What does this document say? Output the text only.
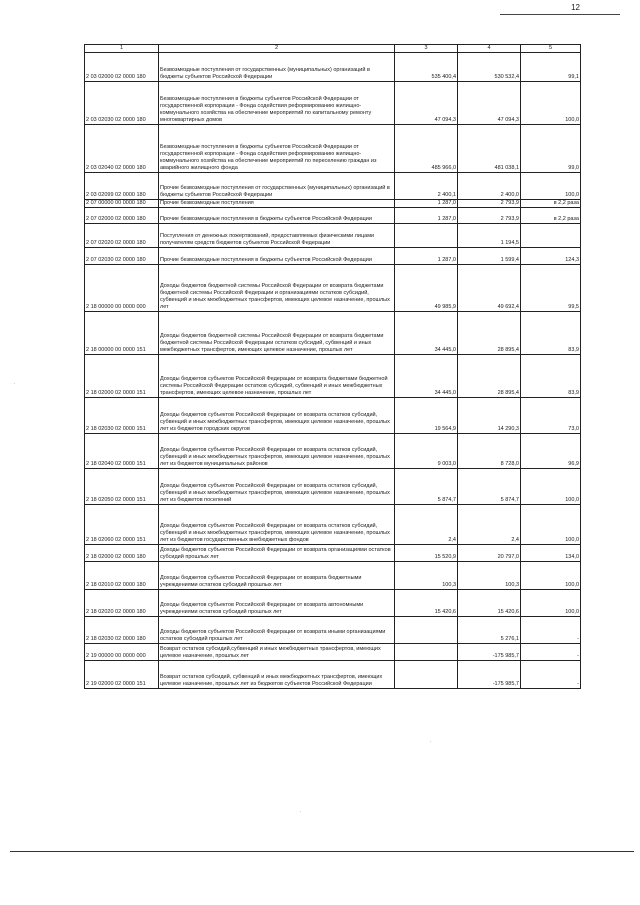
12
1	2	3	4	5
2 03 02000 02 0000 180	Безвозмездные поступления от государственных (муниципальных) организаций в бюджеты субъектов Российской Федерации	535 400,4	530 532,4	99,1
2 03 02030 02 0000 180	Безвозмездные поступления в бюджеты субъектов Российской Федерации от государственной корпорации - Фонда содействия реформированию жилищно-коммунального хозяйства на обеспечение мероприятий по капитальному ремонту многоквартирных домов	47 094,3	47 094,3	100,0
2 03 02040 02 0000 180	Безвозмездные поступления в бюджеты субъектов Российской Федерации от государственной корпорации - Фонда содействия реформированию жилищно-коммунального хозяйства на обеспечение мероприятий по переселению граждан из аварийного жилищного фонда	485 966,0	481 038,1	99,0
2 03 02099 02 0000 180	Прочие безвозмездные поступления от государственных (муниципальных) организаций в бюджеты субъектов Российской Федерации	2 400,1	2 400,0	100,0
2 07 00000 00 0000 180	Прочие безвозмездные поступления	1 287,0	2 793,9	в 2,2 раза
2 07 02000 02 0000 180	Прочие безвозмездные поступления в бюджеты субъектов Российской Федерации	1 287,0	2 793,9	в 2,2 раза
2 07 02020 02 0000 180	Поступления от денежных пожертвований, предоставляемых физическими лицами получателям средств бюджетов субъектов Российской Федерации		1 194,5	
2 07 02030 02 0000 180	Прочие безвозмездные поступления в бюджеты субъектов Российской Федерации	1 287,0	1 599,4	124,3
2 18 00000 00 0000 000	Доходы бюджетов бюджетной системы Российской Федерации от возврата бюджетами бюджетной системы Российской Федерации и организациями остатков субсидий, субвенций и иных межбюджетных трансфертов, имеющих целевое назначение, прошлых лет	49 985,9	49 692,4	99,5
2 18 00000 00 0000 151	Доходы бюджетов бюджетной системы Российской Федерации от возврата бюджетами бюджетной системы Российской Федерации остатков субсидий, субвенций и иных межбюджетных трансфертов, имеющих целевое назначение, прошлых лет	34 445,0	28 895,4	83,9
2 18 02000 02 0000 151	Доходы бюджетов субъектов Российской Федерации от возврата бюджетами бюджетной системы Российской Федерации остатков субсидий, субвенций и иных межбюджетных трансфертов, имеющих целевое назначение, прошлых лет	34 445,0	28 895,4	83,9
2 18 02030 02 0000 151	Доходы бюджетов субъектов Российской Федерации от возврата остатков субсидий, субвенций и иных межбюджетных трансфертов, имеющих целевое назначение, прошлых лет из бюджетов городских округов	19 564,9	14 290,3	73,0
2 18 02040 02 0000 151	Доходы бюджетов субъектов Российской Федерации от возврата остатков субсидий, субвенций и иных межбюджетных трансфертов, имеющих целевое назначение, прошлых лет из бюджетов муниципальных районов	9 003,0	8 728,0	96,9
2 18 02050 02 0000 151	Доходы бюджетов субъектов Российской Федерации от возврата остатков субсидий, субвенций и иных межбюджетных трансфертов, имеющих целевое назначение, прошлых лет из бюджетов поселений	5 874,7	5 874,7	100,0
2 18 02060 02 0000 151	Доходы бюджетов субъектов Российской Федерации от возврата остатков субсидий, субвенций и иных межбюджетных трансфертов, имеющих целевое назначение, прошлых лет из бюджетов государственных внебюджетных фондов	2,4	2,4	100,0
2 18 02000 02 0000 180	Доходы бюджетов субъектов Российской Федерации от возврата организациями остатков субсидий прошлых лет	15 520,9	20 797,0	134,0
2 18 02010 02 0000 180	Доходы бюджетов субъектов Российской Федерации от возврата бюджетными учреждениями остатков субсидий прошлых лет	100,3	100,3	100,0
2 18 02020 02 0000 180	Доходы бюджетов субъектов Российской Федерации от возврата автономными учреждениями остатков субсидий прошлых лет	15 420,6	15 420,6	100,0
2 18 02030 02 0000 180	Доходы бюджетов субъектов Российской Федерации от возврата иными организациями остатков субсидий прошлых лет		5 276,1	-
2 19 00000 00 0000 000	Возврат остатков субсидий,субвенций и иных межбюджетных трансфертов, имеющих целевое назначение, прошлых лет		-175 985,7	-
2 19 02000 02 0000 151	Возврат остатков субсидий, субвенций и иных межбюджетных трансфертов, имеющих целевое назначение, прошлых лет из бюджетов субъектов Российской Федерации		-175 985,7	-
.
.
.
